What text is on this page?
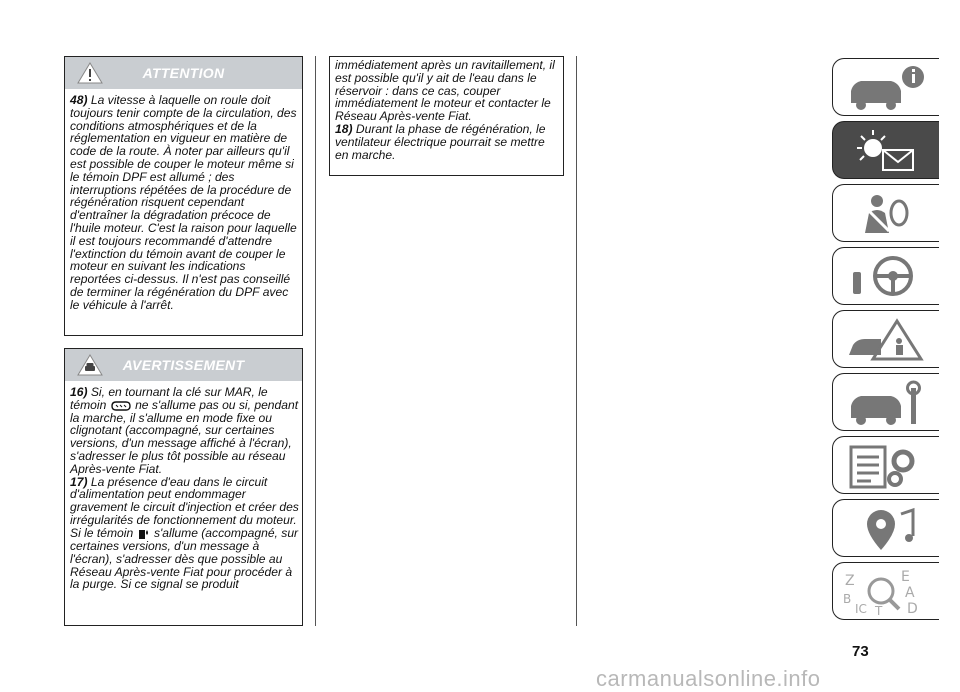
ATTENTION

48) La vitesse à laquelle on roule doit toujours tenir compte de la circulation, des conditions atmosphériques et de la réglementation en vigueur en matière de code de la route. À noter par ailleurs qu'il est possible de couper le moteur même si le témoin DPF est allumé ; des interruptions répétées de la procédure de régénération risquent cependant d'entraîner la dégradation précoce de l'huile moteur. C'est la raison pour laquelle il est toujours recommandé d'attendre l'extinction du témoin avant de couper le moteur en suivant les indications reportées ci-dessus. Il n'est pas conseillé de terminer la régénération du DPF avec le véhicule à l'arrêt.

AVERTISSEMENT

16) Si, en tournant la clé sur MAR, le témoin ne s'allume pas ou si, pendant la marche, il s'allume en mode fixe ou clignotant (accompagné, sur certaines versions, d'un message affiché à l'écran), s'adresser le plus tôt possible au réseau Après-vente Fiat.

17) La présence d'eau dans le circuit d'alimentation peut endommager gravement le circuit d'injection et créer des irrégularités de fonctionnement du moteur. Si le témoin s'allume (accompagné, sur certaines versions, d'un message à l'écran), s'adresser dès que possible au Réseau Après-vente Fiat pour procéder à la purge. Si ce signal se produit

immédiatement après un ravitaillement, il est possible qu'il y ait de l'eau dans le réservoir : dans ce cas, couper immédiatement le moteur et contacter le Réseau Après-vente Fiat.

18) Durant la phase de régénération, le ventilateur électrique pourrait se mettre en marche.

Z	E
A
D
B
IC T
73
carmanualsonline.info
